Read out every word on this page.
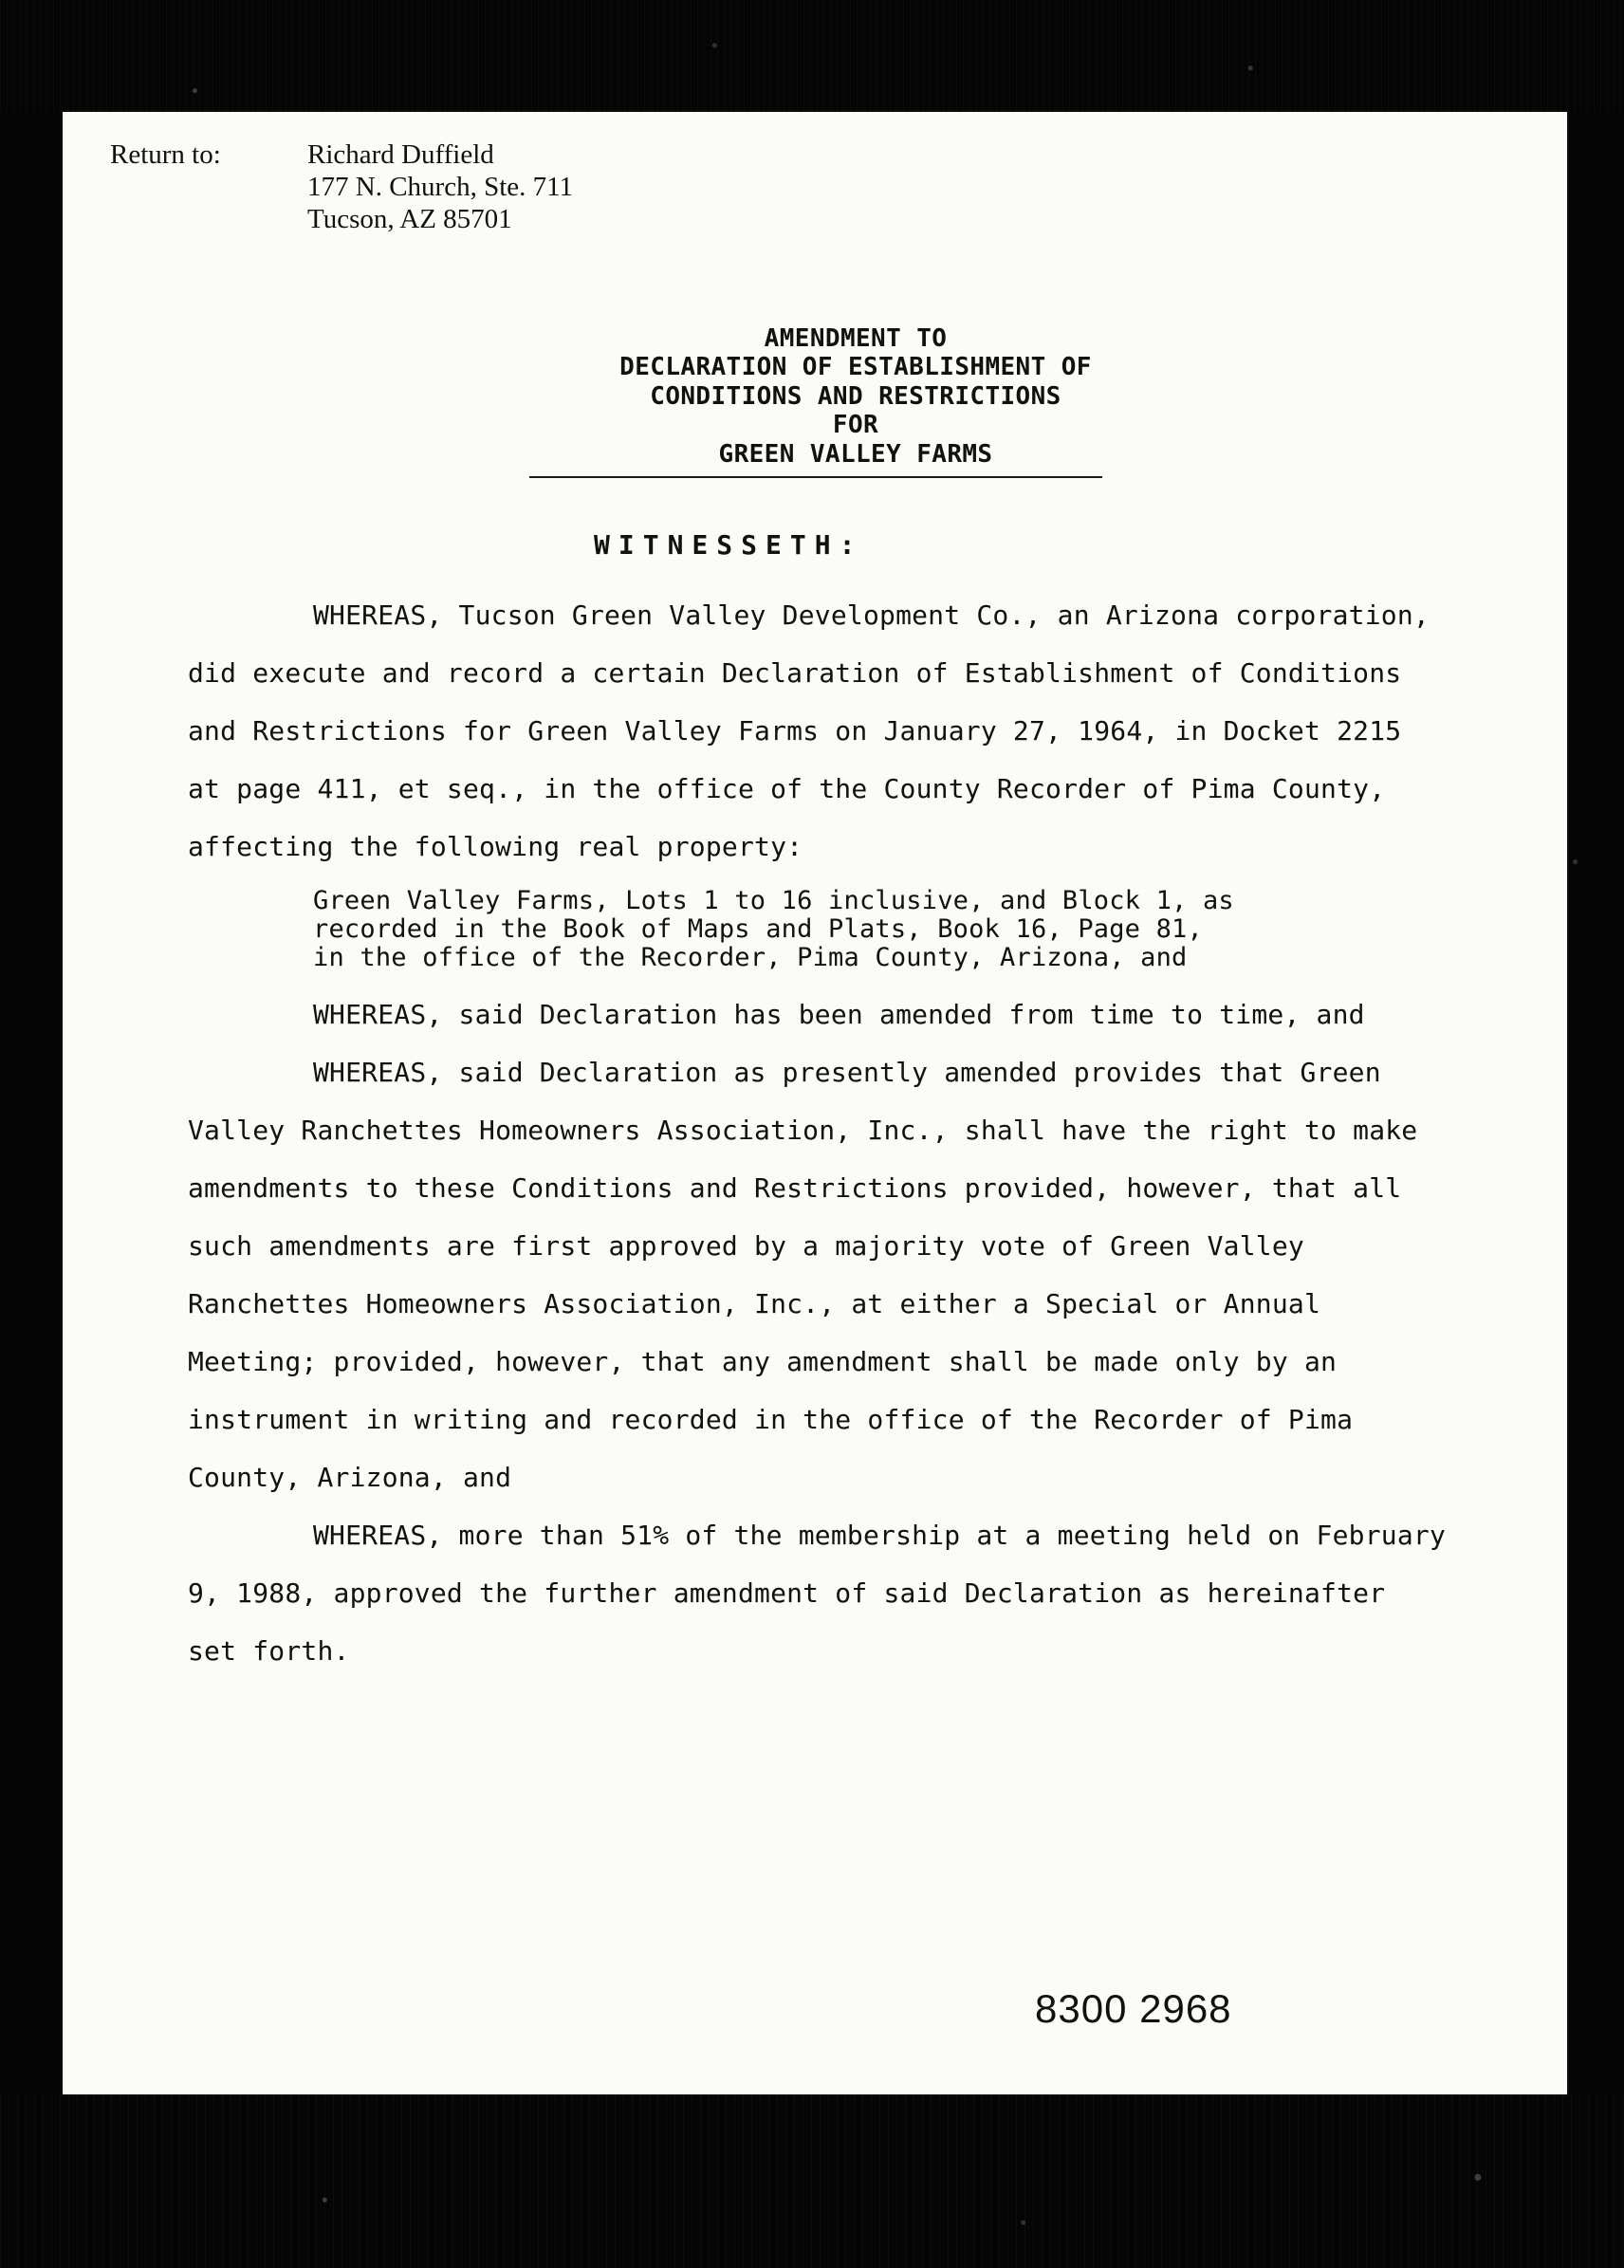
Return to:	Richard Duffield
177 N. Church, Ste. 711
Tucson, AZ 85701
AMENDMENT TO
DECLARATION OF ESTABLISHMENT OF
CONDITIONS AND RESTRICTIONS
FOR
GREEN VALLEY FARMS
WITNESSETH:

WHEREAS, Tucson Green Valley Development Co., an Arizona corporation, did execute and record a certain Declaration of Establishment of Conditions and Restrictions for Green Valley Farms on January 27, 1964, in Docket 2215 at page 411, et seq., in the office of the County Recorder of Pima County, affecting the following real property:

Green Valley Farms, Lots 1 to 16 inclusive, and Block 1, as recorded in the Book of Maps and Plats, Book 16, Page 81, in the office of the Recorder, Pima County, Arizona, and

WHEREAS, said Declaration has been amended from time to time, and

WHEREAS, said Declaration as presently amended provides that Green Valley Ranchettes Homeowners Association, Inc., shall have the right to make amendments to these Conditions and Restrictions provided, however, that all such amendments are first approved by a majority vote of Green Valley Ranchettes Homeowners Association, Inc., at either a Special or Annual Meeting; provided, however, that any amendment shall be made only by an instrument in writing and recorded in the office of the Recorder of Pima County, Arizona, and

WHEREAS, more than 51% of the membership at a meeting held on February 9, 1988, approved the further amendment of said Declaration as hereinafter set forth.

8300 2968
